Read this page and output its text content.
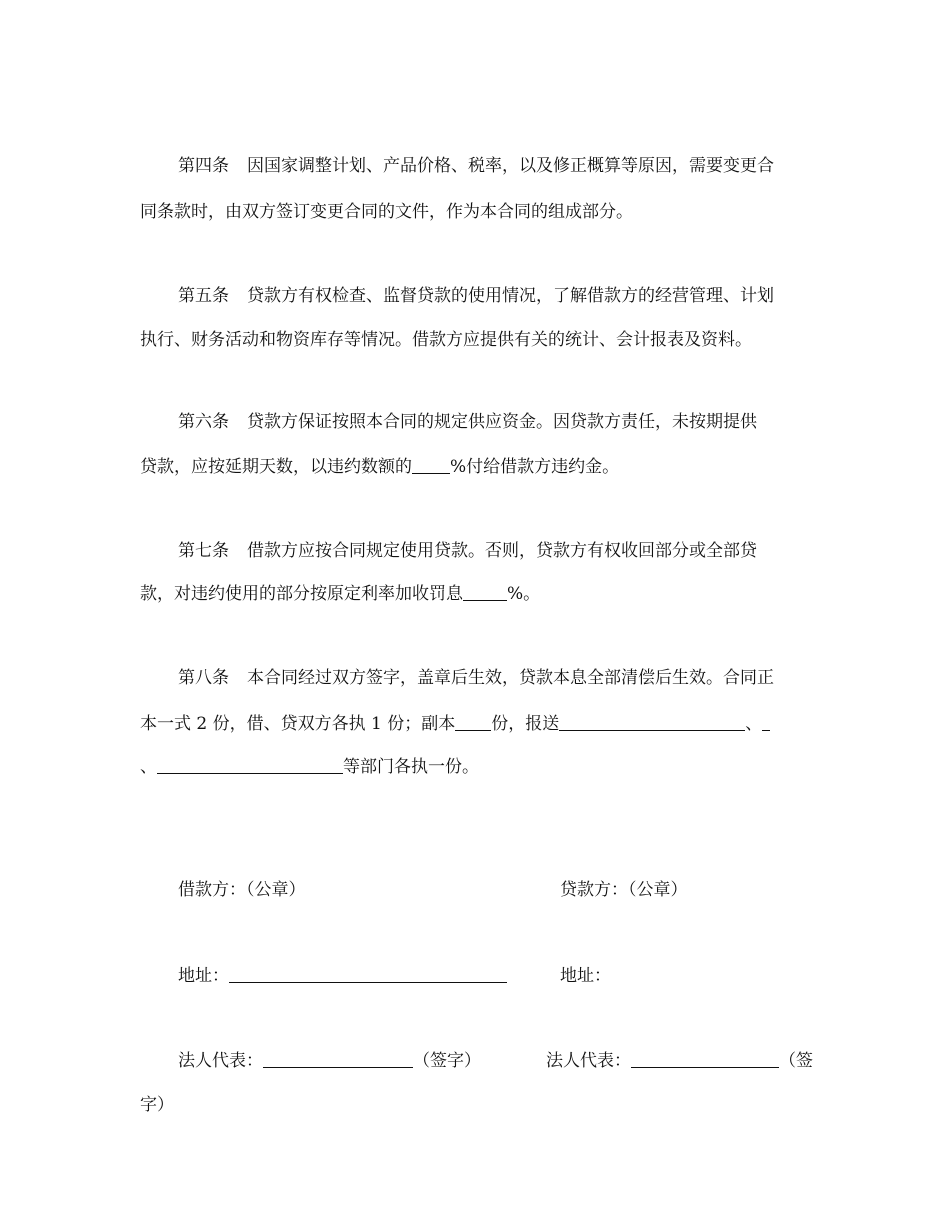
第四条 因国家调整计划、产品价格、税率，以及修正概算等原因，需要变更合
同条款时，由双方签订变更合同的文件，作为本合同的组成部分。
第五条 贷款方有权检查、监督贷款的使用情况，了解借款方的经营管理、计划
执行、财务活动和物资库存等情况。借款方应提供有关的统计、会计报表及资料。
第六条 贷款方保证按照本合同的规定供应资金。因贷款方责任，未按期提供
贷款，应按延期天数，以违约数额的 %付给借款方违约金。
第七条 借款方应按合同规定使用贷款。否则，贷款方有权收回部分或全部贷
款，对违约使用的部分按原定利率加收罚息	%。
第八条 本合同经过双方签字，盖章后生效，贷款本息全部清偿后生效。合同正
本一式 2 份，借、贷双方各执 1 份；副本 份，报送	、
、	等部门各执一份。
借款方：（公章）	贷款方：（公章）
地址：	地址：
法人代表：	（签字）	法人代表：	（签
字）
